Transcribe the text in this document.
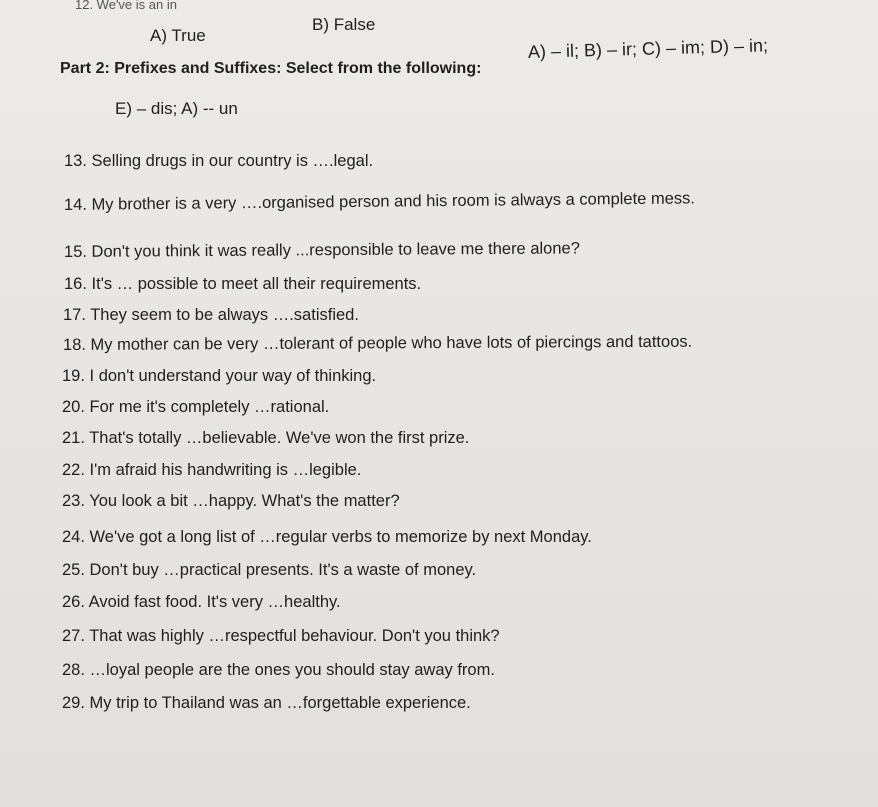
12. We've is an in
A) True
B) False
Part 2: Prefixes and Suffixes: Select from the following:
A) – il; B) – ir; C) – im; D) – in;
E) – dis; A) -- un
13. Selling drugs in our country is ….legal.
14. My brother is a very ….organised person and his room is always a complete mess.
15. Don't you think it was really ...responsible to leave me there alone?
16. It's … possible to meet all their requirements.
17. They seem to be always ….satisfied.
18. My mother can be very …tolerant of people who have lots of piercings and tattoos.
19. I don't understand your way of thinking.
20. For me it's completely …rational.
21. That's totally …believable. We've won the first prize.
22. I'm afraid his handwriting is …legible.
23. You look a bit …happy. What's the matter?
24. We've got a long list of …regular verbs to memorize by next Monday.
25. Don't buy …practical presents. It's a waste of money.
26. Avoid fast food. It's very …healthy.
27. That was highly …respectful behaviour. Don't you think?
28. …loyal people are the ones you should stay away from.
29. My trip to Thailand was an …forgettable experience.
